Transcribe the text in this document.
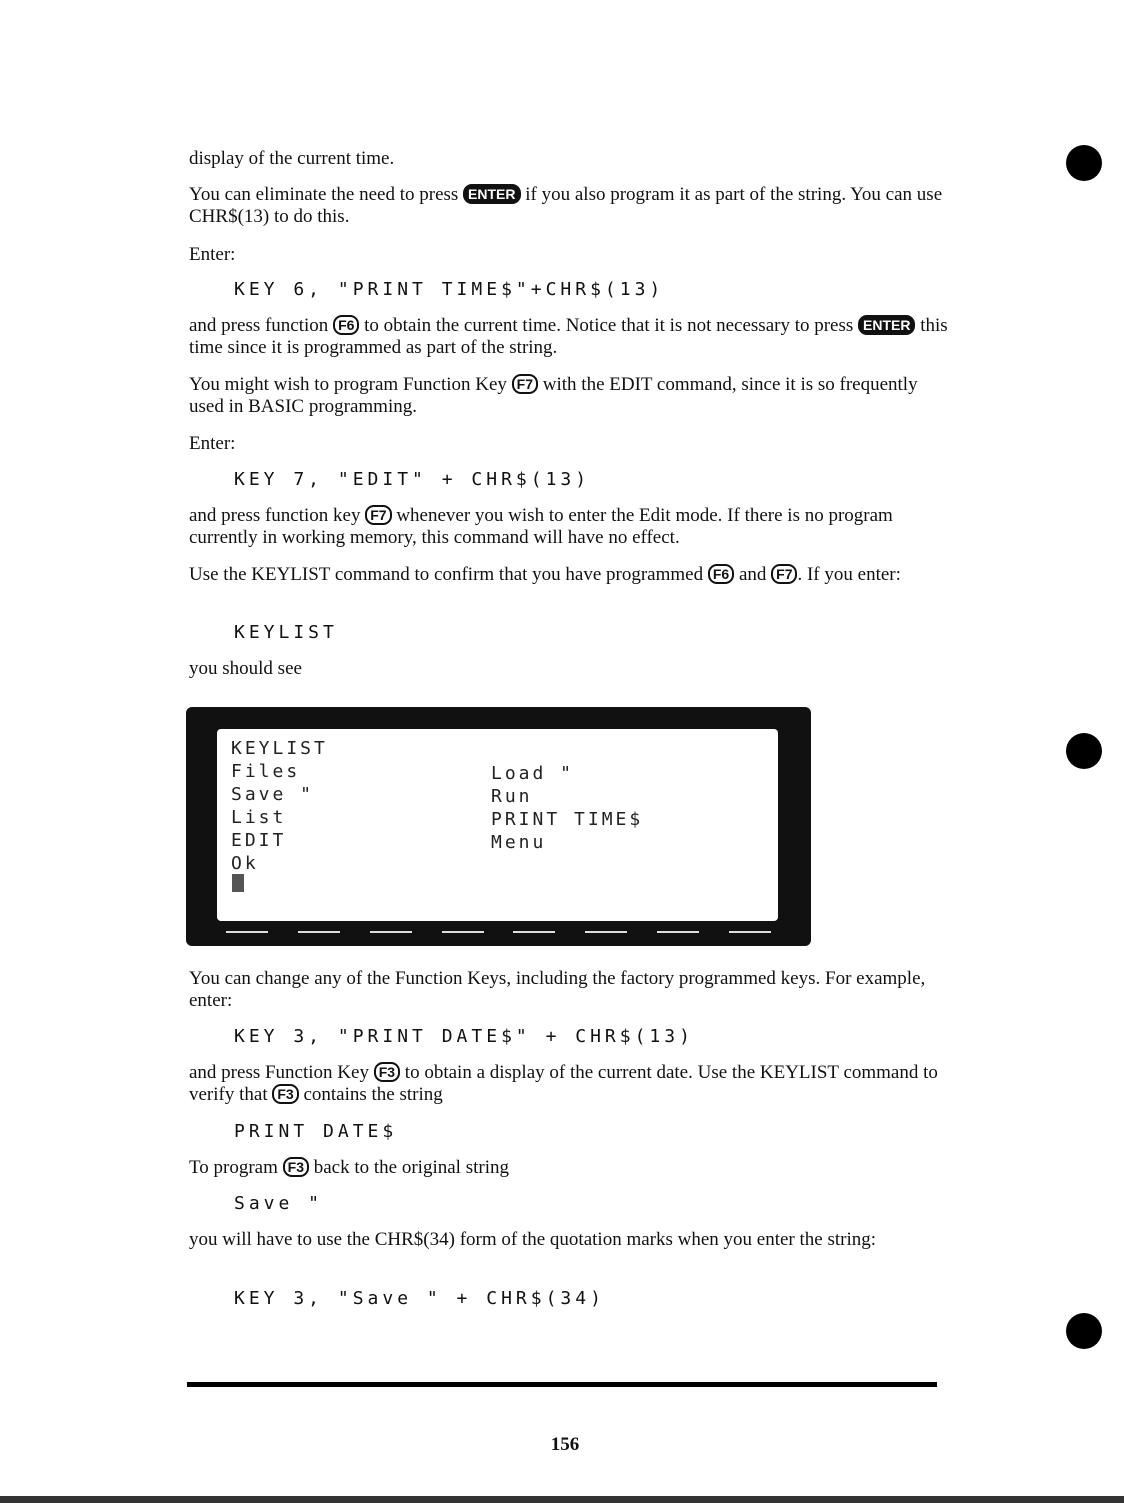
display of the current time.

You can eliminate the need to press ENTER if you also program it as part of the string. You can use CHR$(13) to do this.

Enter:

KEY 6, "PRINT TIME$"+CHR$(13)

and press function F6 to obtain the current time. Notice that it is not necessary to press ENTER this time since it is programmed as part of the string.

You might wish to program Function Key F7 with the EDIT command, since it is so frequently used in BASIC programming.

Enter:

KEY 7, "EDIT" + CHR$(13)

and press function key F7 whenever you wish to enter the Edit mode. If there is no program currently in working memory, this command will have no effect.

Use the KEYLIST command to confirm that you have programmed F6 and F7 . If you enter:

KEYLIST

you should see

KEYLIST
Files
Save "
List
EDIT
Load "
Run
PRINT TIME$
Menu
Ok

You can change any of the Function Keys, including the factory programmed keys. For example, enter:

KEY 3, "PRINT DATE$" + CHR$(13)

and press Function Key F3 to obtain a display of the current date. Use the KEYLIST command to verify that F3 contains the string

PRINT DATE$

To program F3 back to the original string

Save "

you will have to use the CHR$(34) form of the quotation marks when you enter the string:

KEY 3, "Save " + CHR$(34)
156
